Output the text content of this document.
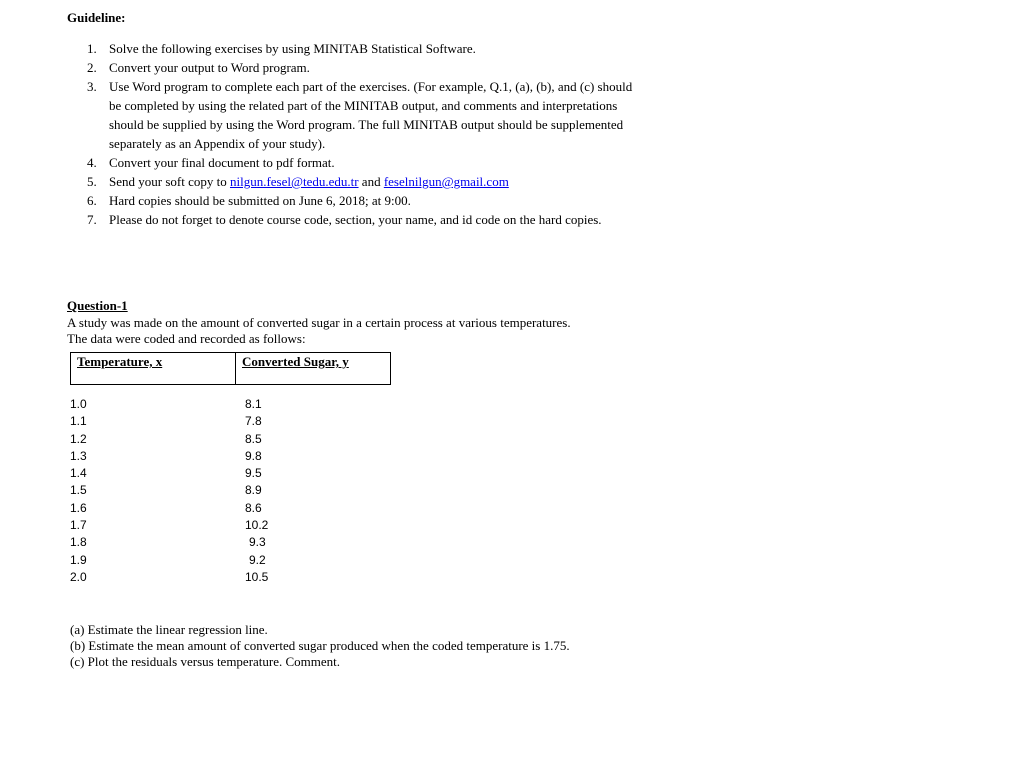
Guideline:
1. Solve the following exercises by using MINITAB Statistical Software.
2. Convert your output to Word program.
3. Use Word program to complete each part of the exercises. (For example, Q.1, (a), (b), and (c) should be completed by using the related part of the MINITAB output, and comments and interpretations should be supplied by using the Word program. The full MINITAB output should be supplemented separately as an Appendix of your study).
4. Convert your final document to pdf format.
5. Send your soft copy to nilgun.fesel@tedu.edu.tr and feselnilgun@gmail.com
6. Hard copies should be submitted on June 6, 2018; at 9:00.
7. Please do not forget to denote course code, section, your name, and id code on the hard copies.
Question-1
A study was made on the amount of converted sugar in a certain process at various temperatures.
The data were coded and recorded as follows:
Temperature, x	Converted Sugar, y
1.0	8.1
1.1	7.8
1.2	8.5
1.3	9.8
1.4	9.5
1.5	8.9
1.6	8.6
1.7	10.2
1.8	9.3
1.9	9.2
2.0	10.5
(a) Estimate the linear regression line.
(b) Estimate the mean amount of converted sugar produced when the coded temperature is 1.75.
(c) Plot the residuals versus temperature. Comment.
